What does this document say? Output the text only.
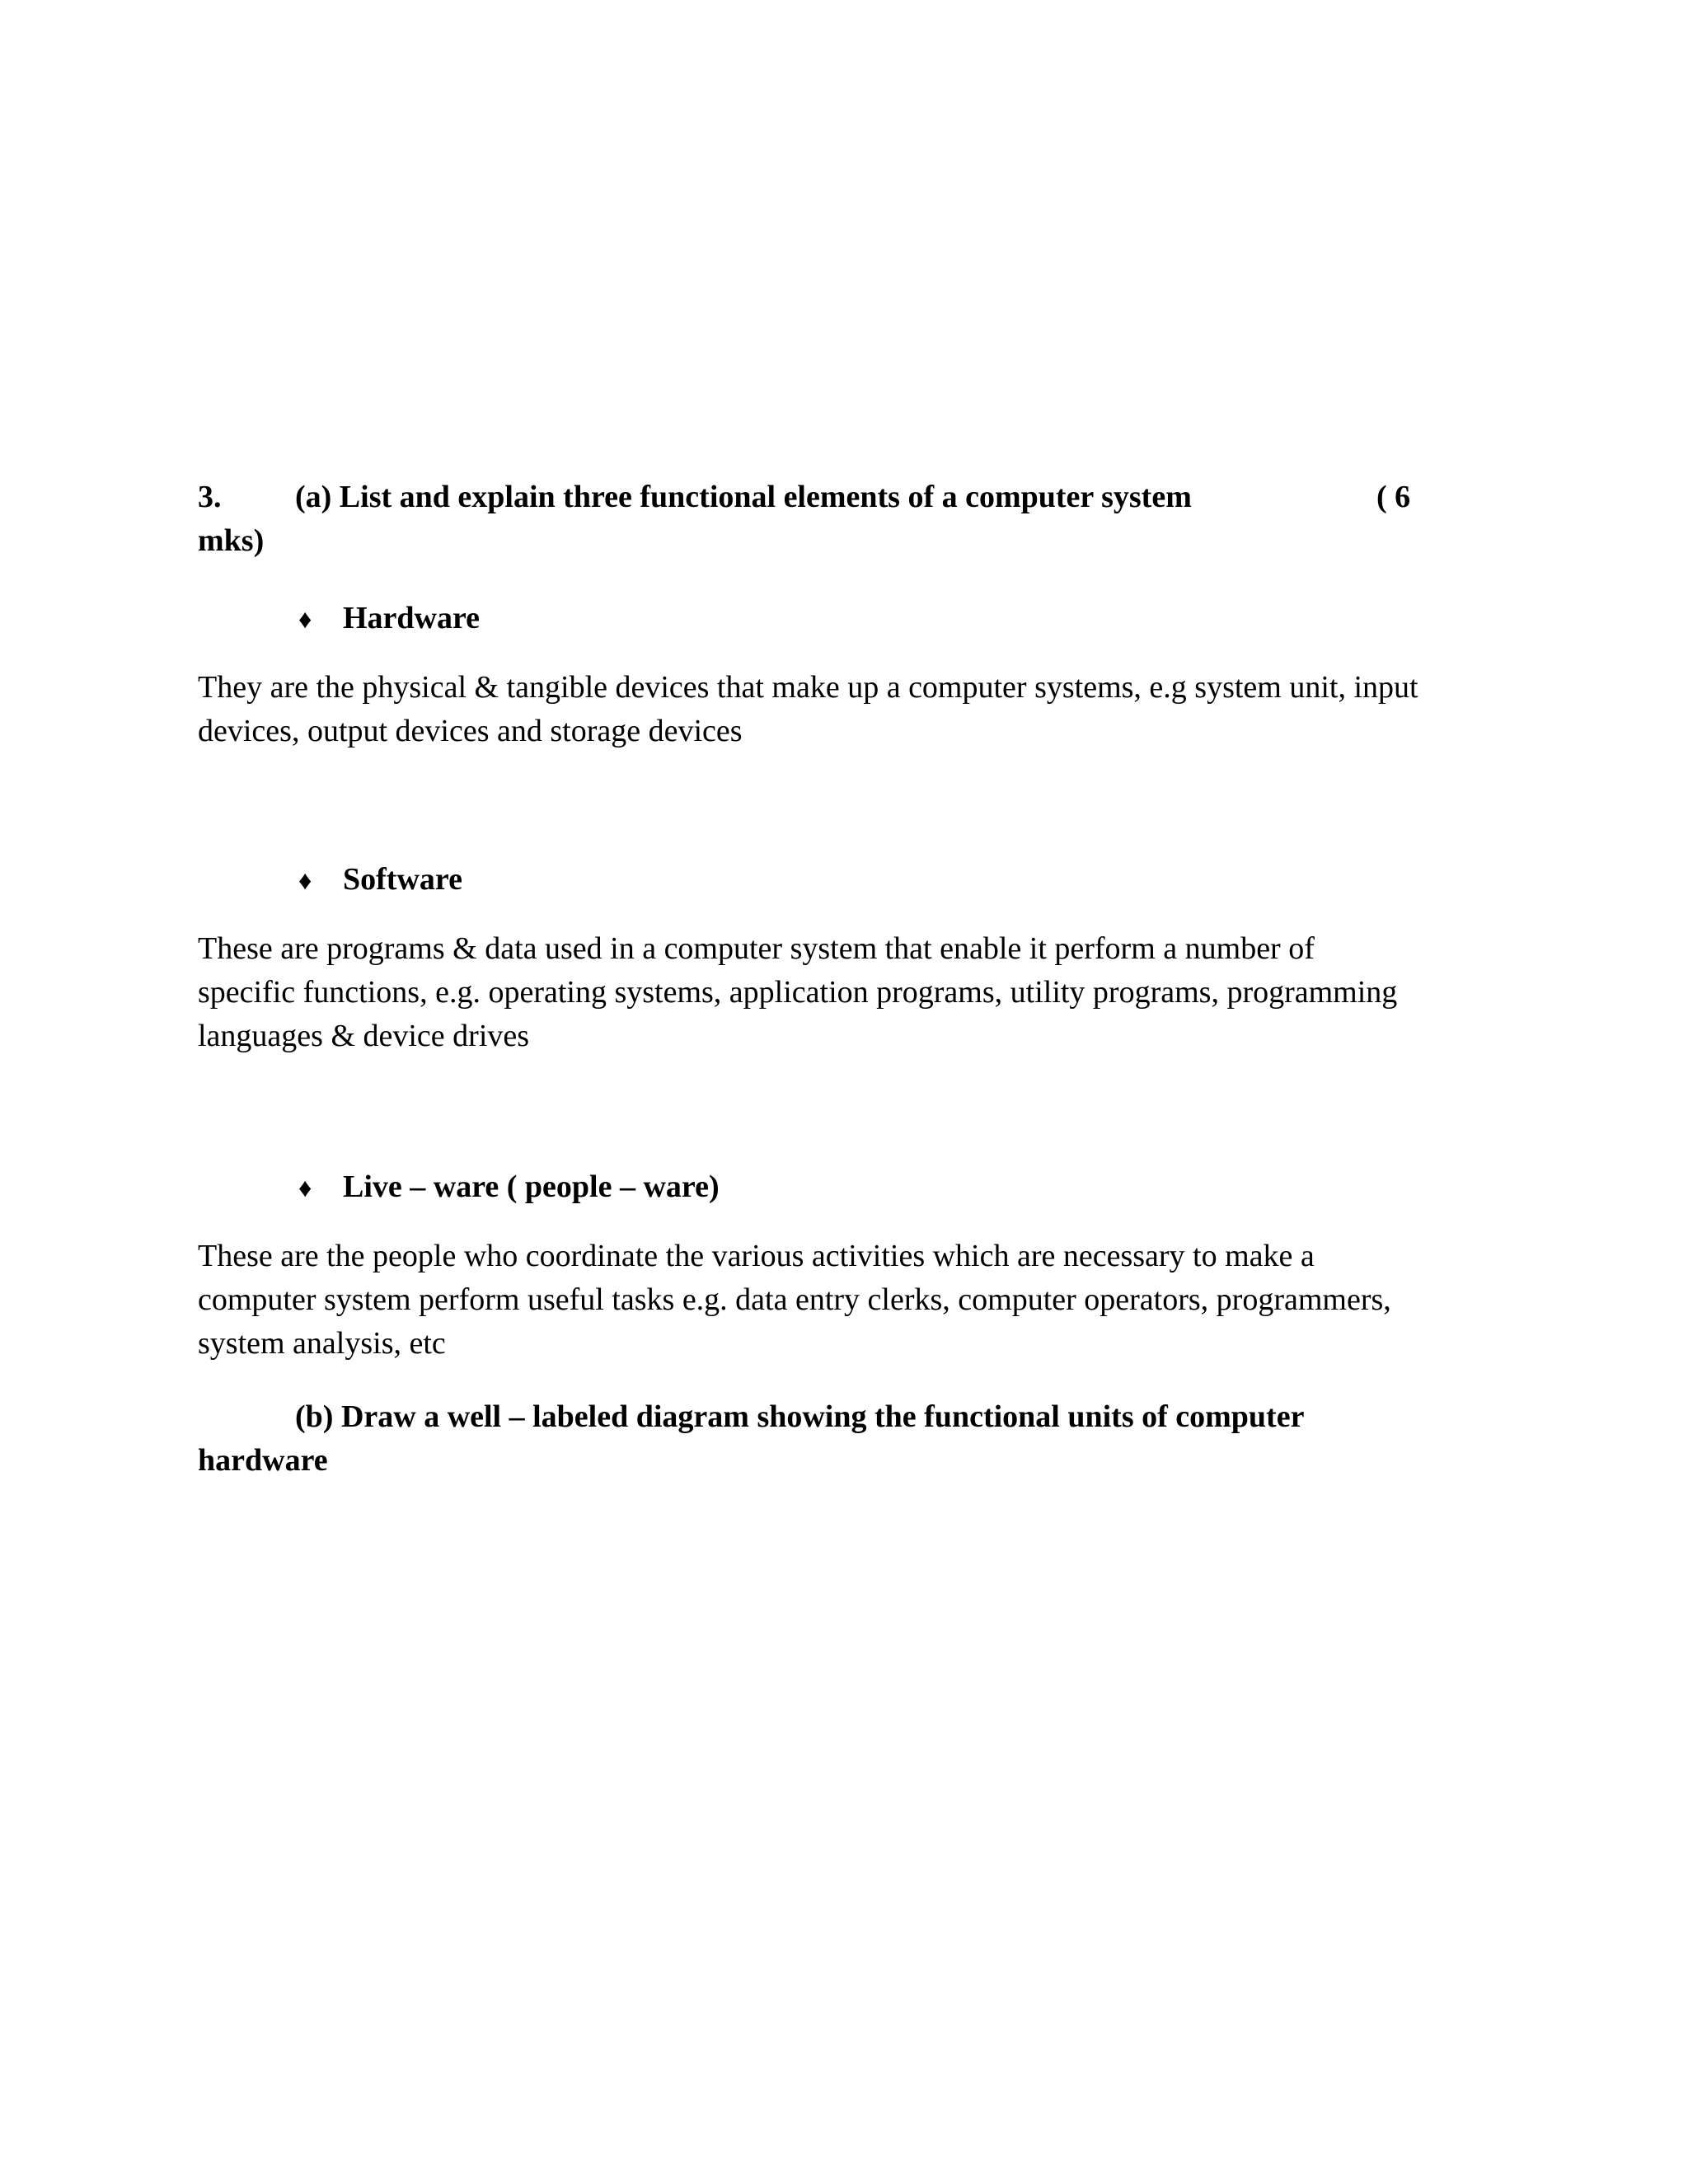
3. (a) List and explain three functional elements of a computer system	( 6
mks)
♦ Hardware
They are the physical & tangible devices that make up a computer systems, e.g system unit, input
devices, output devices and storage devices
♦ Software
These are programs & data used in a computer system that enable it perform a number of
specific functions, e.g. operating systems, application programs, utility programs, programming
languages & device drives
♦ Live – ware ( people – ware)
These are the people who coordinate the various activities which are necessary to make a
computer system perform useful tasks e.g. data entry clerks, computer operators, programmers,
system analysis, etc
(b) Draw a well – labeled diagram showing the functional units of computer
hardware
